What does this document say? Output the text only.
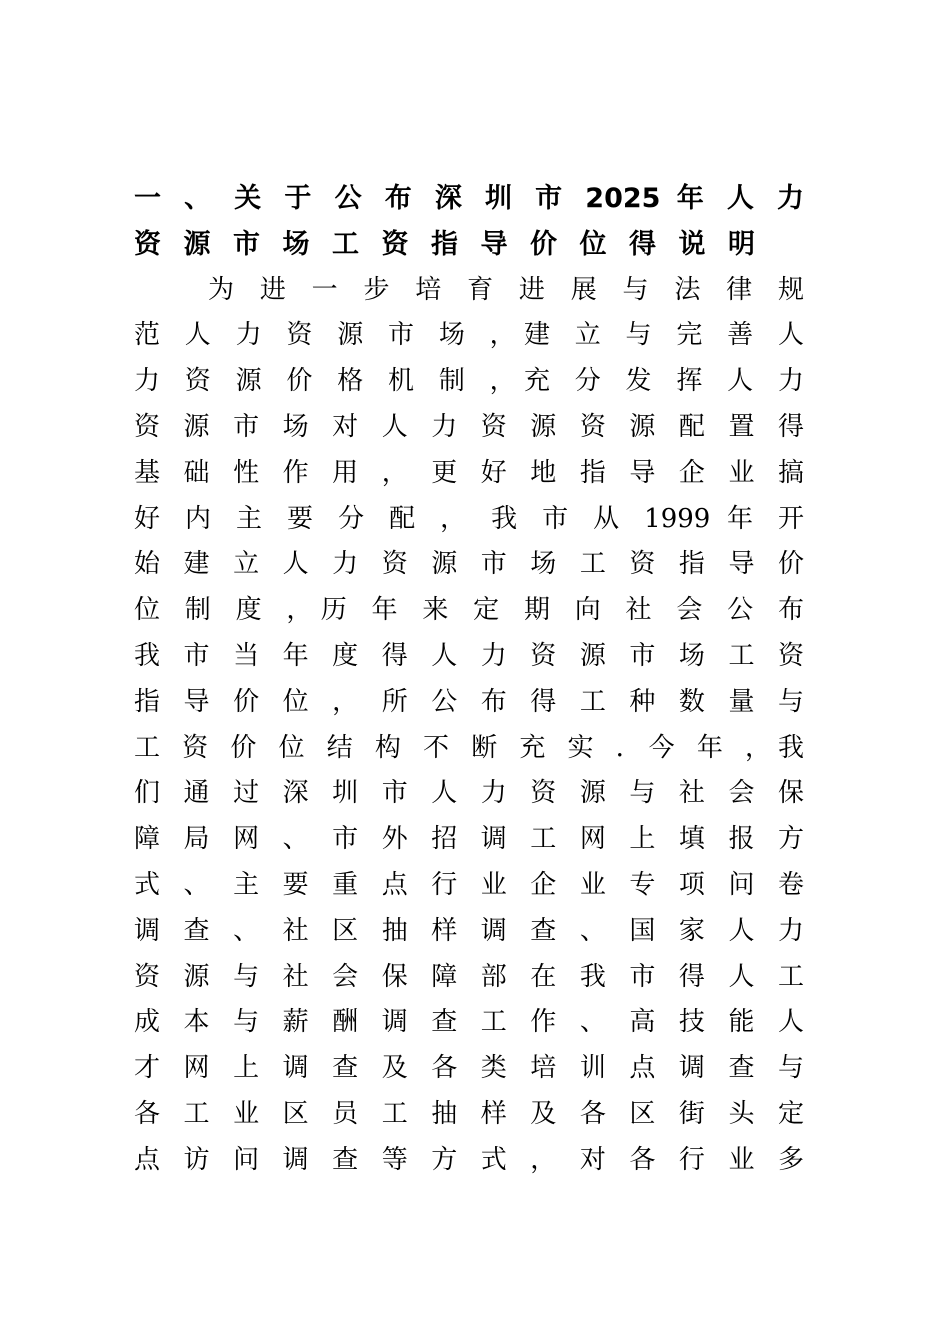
一 、 关 于 公 布 深 圳 市 2025 年 人 力
资 源 市 场 工 资 指 导 价 位 得 说 明
为 进 一 步 培 育 进 展 与 法 律 规
范 人 力 资 源 市 场 ，建 立 与 完 善 人
力 资 源 价 格 机 制 ，充 分 发 挥 人 力
资 源 市 场 对 人 力 资 源 资 源 配 置 得
基 础 性 作 用 ， 更 好 地 指 导 企 业 搞
好 内 主 要 分 配 ， 我 市 从 1999 年 开
始 建 立 人 力 资 源 市 场 工 资 指 导 价
位 制 度 ，历 年 来 定 期 向 社 会 公 布
我 市 当 年 度 得 人 力 资 源 市 场 工 资
指 导 价 位 ， 所 公 布 得 工 种 数 量 与
工 资 价 位 结 构 不 断 充 实 ．今 年 ，我
们 通 过 深 圳 市 人 力 资 源 与 社 会 保
障 局 网 、 市 外 招 调 工 网 上 填 报 方
式 、 主 要 重 点 行 业 企 业 专 项 问 卷
调 查 、 社 区 抽 样 调 查 、 国 家 人 力
资 源 与 社 会 保 障 部 在 我 市 得 人 工
成 本 与 薪 酬 调 查 工 作 、 高 技 能 人
才 网 上 调 查 及 各 类 培 训 点 调 查 与
各 工 业 区 员 工 抽 样 及 各 区 街 头 定
点 访 问 调 查 等 方 式 ， 对 各 行 业 多
